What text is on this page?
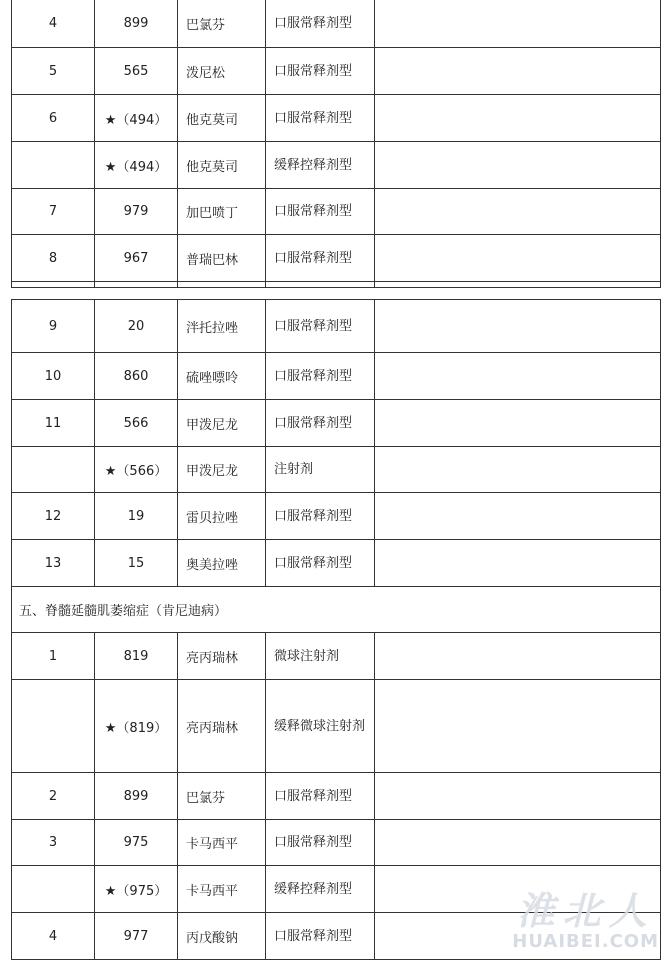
4	899	巴氯芬	口服常释剂型	
5	565	泼尼松	口服常释剂型	
6	★（494）	他克莫司	口服常释剂型	
	★（494）	他克莫司	缓释控释剂型	
7	979	加巴喷丁	口服常释剂型	
8	967	普瑞巴林	口服常释剂型	

9	20	泮托拉唑	口服常释剂型	
10	860	硫唑嘌呤	口服常释剂型	
11	566	甲泼尼龙	口服常释剂型	
	★（566）	甲泼尼龙	注射剂	
12	19	雷贝拉唑	口服常释剂型	
13	15	奥美拉唑	口服常释剂型	
五、脊髓延髓肌萎缩症（肯尼迪病）				
1	819	亮丙瑞林	微球注射剂	
	★（819）	亮丙瑞林	缓释微球注射剂	
2	899	巴氯芬	口服常释剂型	
3	975	卡马西平	口服常释剂型	
	★（975）	卡马西平	缓释控释剂型	
4	977	丙戊酸钠	口服常释剂型	
淮北人
HUAIBEI.COM
